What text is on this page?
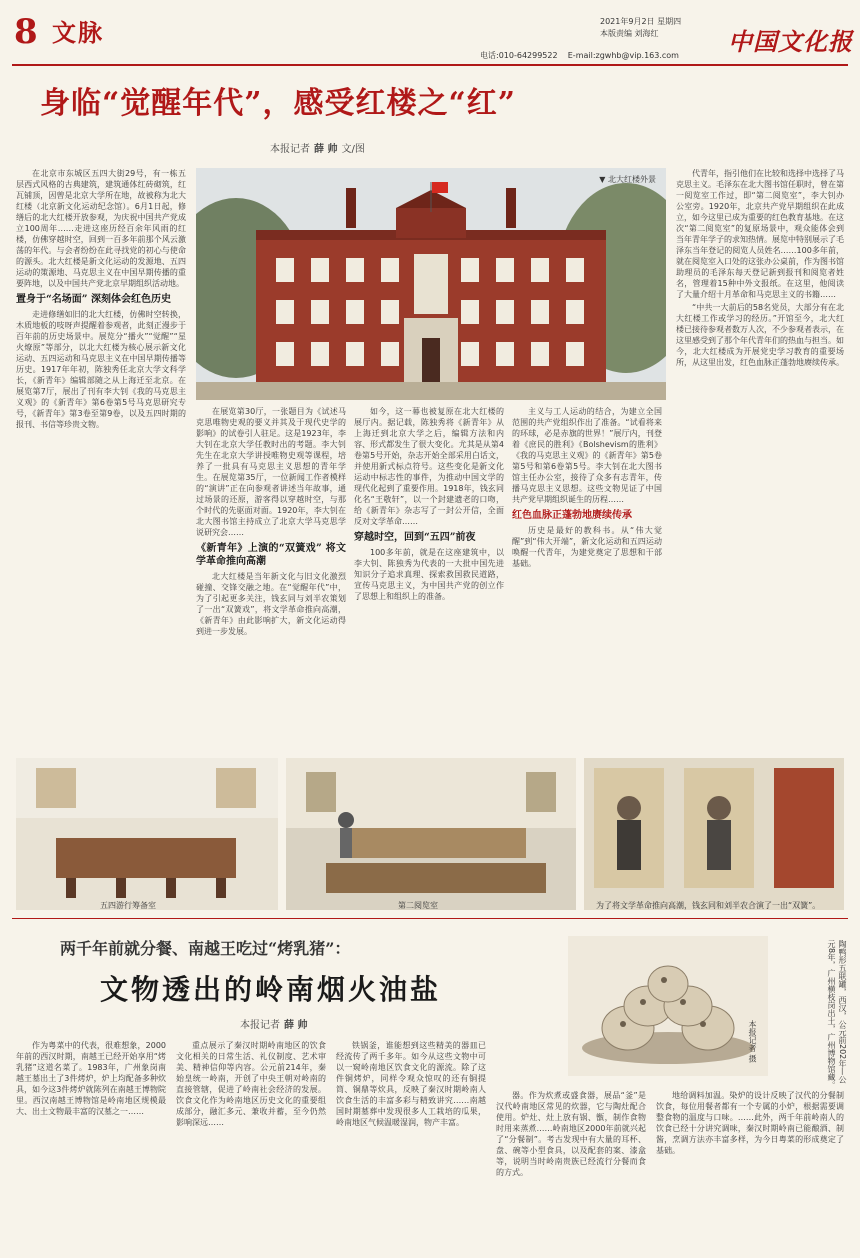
8 文脉	2021年9月2日 星期四
本版责编 刘海红	中国文化报
电话:010-64299522 E-mail:zgwhb@vip.163.com
身临“觉醒年代”，感受红楼之“红”
本报记者 薛 帅 文/图
▼ 北大红楼外景

在北京市东城区五四大街29号，有一栋五层西式风格的古典建筑，建筑通体红砖砌筑，红瓦铺顶，因曾是北京大学所在地，故被称为北大红楼（北京新文化运动纪念馆）。6月1日起，修缮后的北大红楼开放参观，为庆祝中国共产党成立100周年……走进这座历经百余年风雨的红楼，仿佛穿越时空，回到一百多年前那个风云激荡的年代。与会者纷纷在此寻找党的初心与使命的源头。北大红楼是新文化运动的发源地、五四运动的策源地、马克思主义在中国早期传播的重要阵地，以及中国共产党北京早期组织活动地。

置身于“名场面” 深刻体会红色历史

走进修缮如旧的北大红楼，仿佛时空转换，木质地板的吱呀声提醒着参观者，此刻正漫步于百年前的历史场景中。展览分“播火”“觉醒”“星火燎原”等部分，以北大红楼为核心展示新文化运动、五四运动和马克思主义在中国早期传播等历史。1917年年初，陈独秀任北京大学文科学长，《新青年》编辑部随之从上海迁至北京。在展览第7厅，展出了刊有李大钊《我的马克思主义观》的《新青年》第6卷第5号马克思研究专号，《新青年》第3卷至第9卷，以及五四时期的报刊、书信等珍贵文物。

在展览第30厅，一张题目为《试述马克思唯物史观的要义并其及于现代史学的影响》的试卷引人驻足。这是1923年，李大钊在北京大学任教时出的考题。李大钊先生在北京大学讲授唯物史观等课程，培养了一批具有马克思主义思想的青年学生。在展览第35厅，一位新闻工作者模样的“演讲”正在向参观者讲述当年故事，通过场景的还原，游客得以穿越时空，与那个时代的先驱面对面。1920年，李大钊在北大图书馆主持成立了北京大学马克思学说研究会……

《新青年》上演的“双簧戏” 将文学革命推向高潮

北大红楼是当年新文化与旧文化激烈碰撞、交锋交融之地。在“觉醒年代”中，为了引起更多关注，钱玄同与刘半农策划了一出“双簧戏”，将文学革命推向高潮，《新青年》由此影响扩大，新文化运动得到进一步发展。

如今，这一幕也被复原在北大红楼的展厅内。据记载，陈独秀将《新青年》从上海迁到北京大学之后，编辑方法和内容、形式都发生了很大变化。尤其是从第4卷第5号开始，杂志开始全部采用白话文，并使用新式标点符号。这些变化是新文化运动中标志性的事件，为推动中国文学的现代化起到了重要作用。1918年，钱玄同化名“王敬轩”，以一个封建遗老的口吻，给《新青年》杂志写了一封公开信，全面反对文学革命……

穿越时空，回到“五四”前夜

100多年前，就是在这座建筑中，以李大钊、陈独秀为代表的一大批中国先进知识分子追求真理、探索救国救民道路，宣传马克思主义，为中国共产党的创立作了思想上和组织上的准备。

主义与工人运动的结合，为建立全国范围的共产党组织作出了准备。“试看将来的环球，必是赤旗的世界！”展厅内，刊登着《庶民的胜利》《Bolshevism的胜利》《我的马克思主义观》的《新青年》第5卷第5号和第6卷第5号。李大钊在北大图书馆主任办公室，接待了众多有志青年，传播马克思主义思想。这些文物见证了中国共产党早期组织诞生的历程……

红色血脉正蓬勃地赓续传承

历史是最好的教科书。从“伟大觉醒”到“伟大开端”，新文化运动和五四运动唤醒一代青年，为建党奠定了思想和干部基础。

代青年，指引他们在比较和选择中选择了马克思主义。毛泽东在北大图书馆任职时，曾在第一阅览室工作过，即“第二阅览室”，李大钊办公室旁。1920年，北京共产党早期组织在此成立，如今这里已成为重要的红色教育基地。在这次“第二阅览室”的复原场景中，观众能体会到当年青年学子的求知热情。展览中特别展示了毛泽东当年登记的阅览人员姓名……100多年前，就在阅览室入口处的这张办公桌前，作为图书馆助理员的毛泽东每天登记新到报刊和阅览者姓名，管理着15种中外文报纸。在这里，他阅读了大量介绍十月革命和马克思主义的书籍……

“中共一大前后的58名党员，大部分有在北大红楼工作或学习的经历。”开馆至今，北大红楼已接待参观者数万人次，不少参观者表示，在这里感受到了那个年代青年们的热血与担当。如今，北大红楼成为开展党史学习教育的重要场所，从这里出发，红色血脉正蓬勃地赓续传承。

五四游行筹备室	第二阅览室	为了将文学革命推向高潮，钱玄同和刘半农合演了一出“双簧”。
两千年前就分餐、南越王吃过“烤乳猪”：
文物透出的岭南烟火油盐
本报记者 薛 帅	陶鸭形五联罐，西汉，公元前202年—公元8年，广州横枝岗出土，广州博物馆藏。
本报记者 摄

作为粤菜中的代表，很难想象，2000年前的西汉时期，南越王已经开始享用“烤乳猪”这道名菜了。1983年，广州象岗南越王墓出土了3件烤炉，炉上均配备多种炊具，如今这3件烤炉就陈列在南越王博物院里。西汉南越王博物馆是岭南地区规模最大、出土文物最丰富的汉墓之一……

重点展示了秦汉时期岭南地区的饮食文化相关的日常生活、礼仪制度、艺术审美、精神信仰等内容。公元前214年，秦始皇统一岭南，开创了中央王朝对岭南的直接管辖，促进了岭南社会经济的发展。饮食文化作为岭南地区历史文化的重要组成部分，融汇多元、兼收并蓄，至今仍然影响深远……

铁锅釜，谁能想到这些精美的器皿已经流传了两千多年。如今从这些文物中可以一窥岭南地区饮食文化的源流。除了这件铜烤炉，同样令观众惊叹的还有铜提筒、铜鼎等炊具，反映了秦汉时期岭南人饮食生活的丰富多彩与精致讲究……南越国时期墓葬中发现很多人工栽培的瓜果，岭南地区气候温暖湿润，物产丰富。

器。作为炊煮或盛食器，展品“釜”是汉代岭南地区常见的炊器，它与陶灶配合使用。炉灶、灶上放有锅、甑，制作食物时用来蒸煮……岭南地区2000年前就兴起了“分餐制”。考古发现中有大量的耳杯、盘、碗等小型食具，以及配套的案、漆盒等，说明当时岭南贵族已经流行分餐而食的方式。

地给调料加温。染炉的设计反映了汉代的分餐制饮食，每位用餐者都有一个专属的小炉，根据需要调整食物的温度与口味。……此外，两千年前岭南人的饮食已经十分讲究调味，秦汉时期岭南已能酿酒、制酱，烹调方法亦丰富多样，为今日粤菜的形成奠定了基础。
